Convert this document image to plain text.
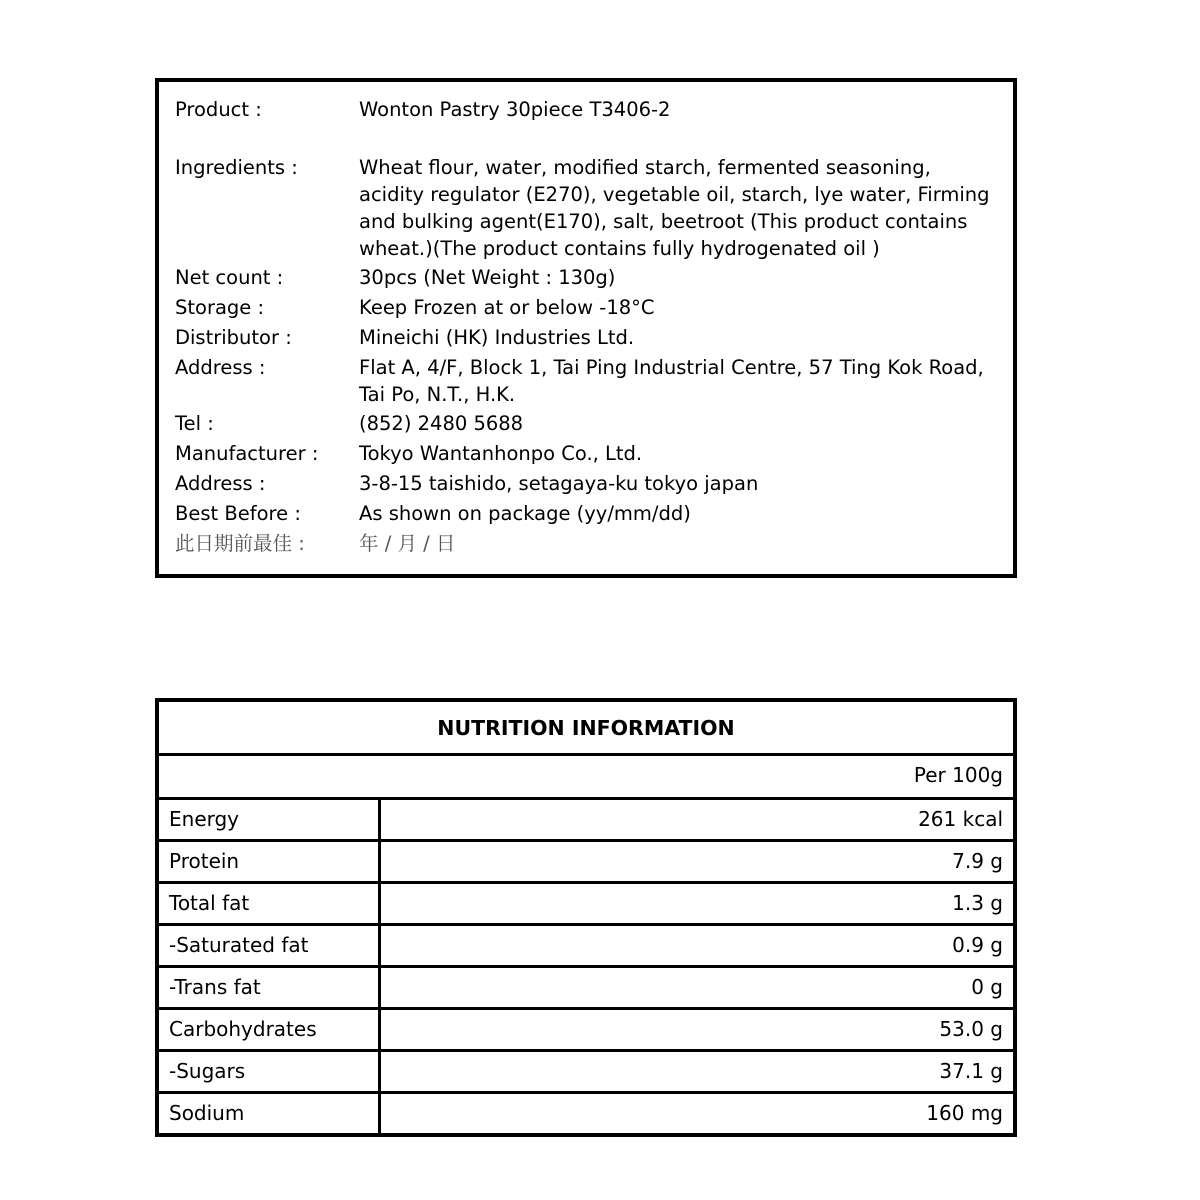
Product :	Wonton Pastry 30piece T3406-2
Ingredients :	Wheat flour, water, modified starch, fermented seasoning, acidity regulator (E270), vegetable oil, starch, lye water, Firming and bulking agent(E170), salt, beetroot (This product contains wheat.)(The product contains fully hydrogenated oil )
Net count :	30pcs (Net Weight : 130g)
Storage :	Keep Frozen at or below -18°C
Distributor :	Mineichi (HK) Industries Ltd.
Address :	Flat A, 4/F, Block 1, Tai Ping Industrial Centre, 57 Ting Kok Road, Tai Po, N.T., H.K.
Tel :	(852) 2480 5688
Manufacturer :	Tokyo Wantanhonpo Co., Ltd.
Address :	3-8-15 taishido, setagaya-ku tokyo japan
Best Before :	As shown on package (yy/mm/dd)
此日期前最佳 :	年 / 月 / 日
NUTRITION INFORMATION
	Per 100g
Energy	261 kcal
Protein	7.9 g
Total fat	1.3 g
-Saturated fat	0.9 g
-Trans fat	0 g
Carbohydrates	53.0 g
-Sugars	37.1 g
Sodium	160 mg
